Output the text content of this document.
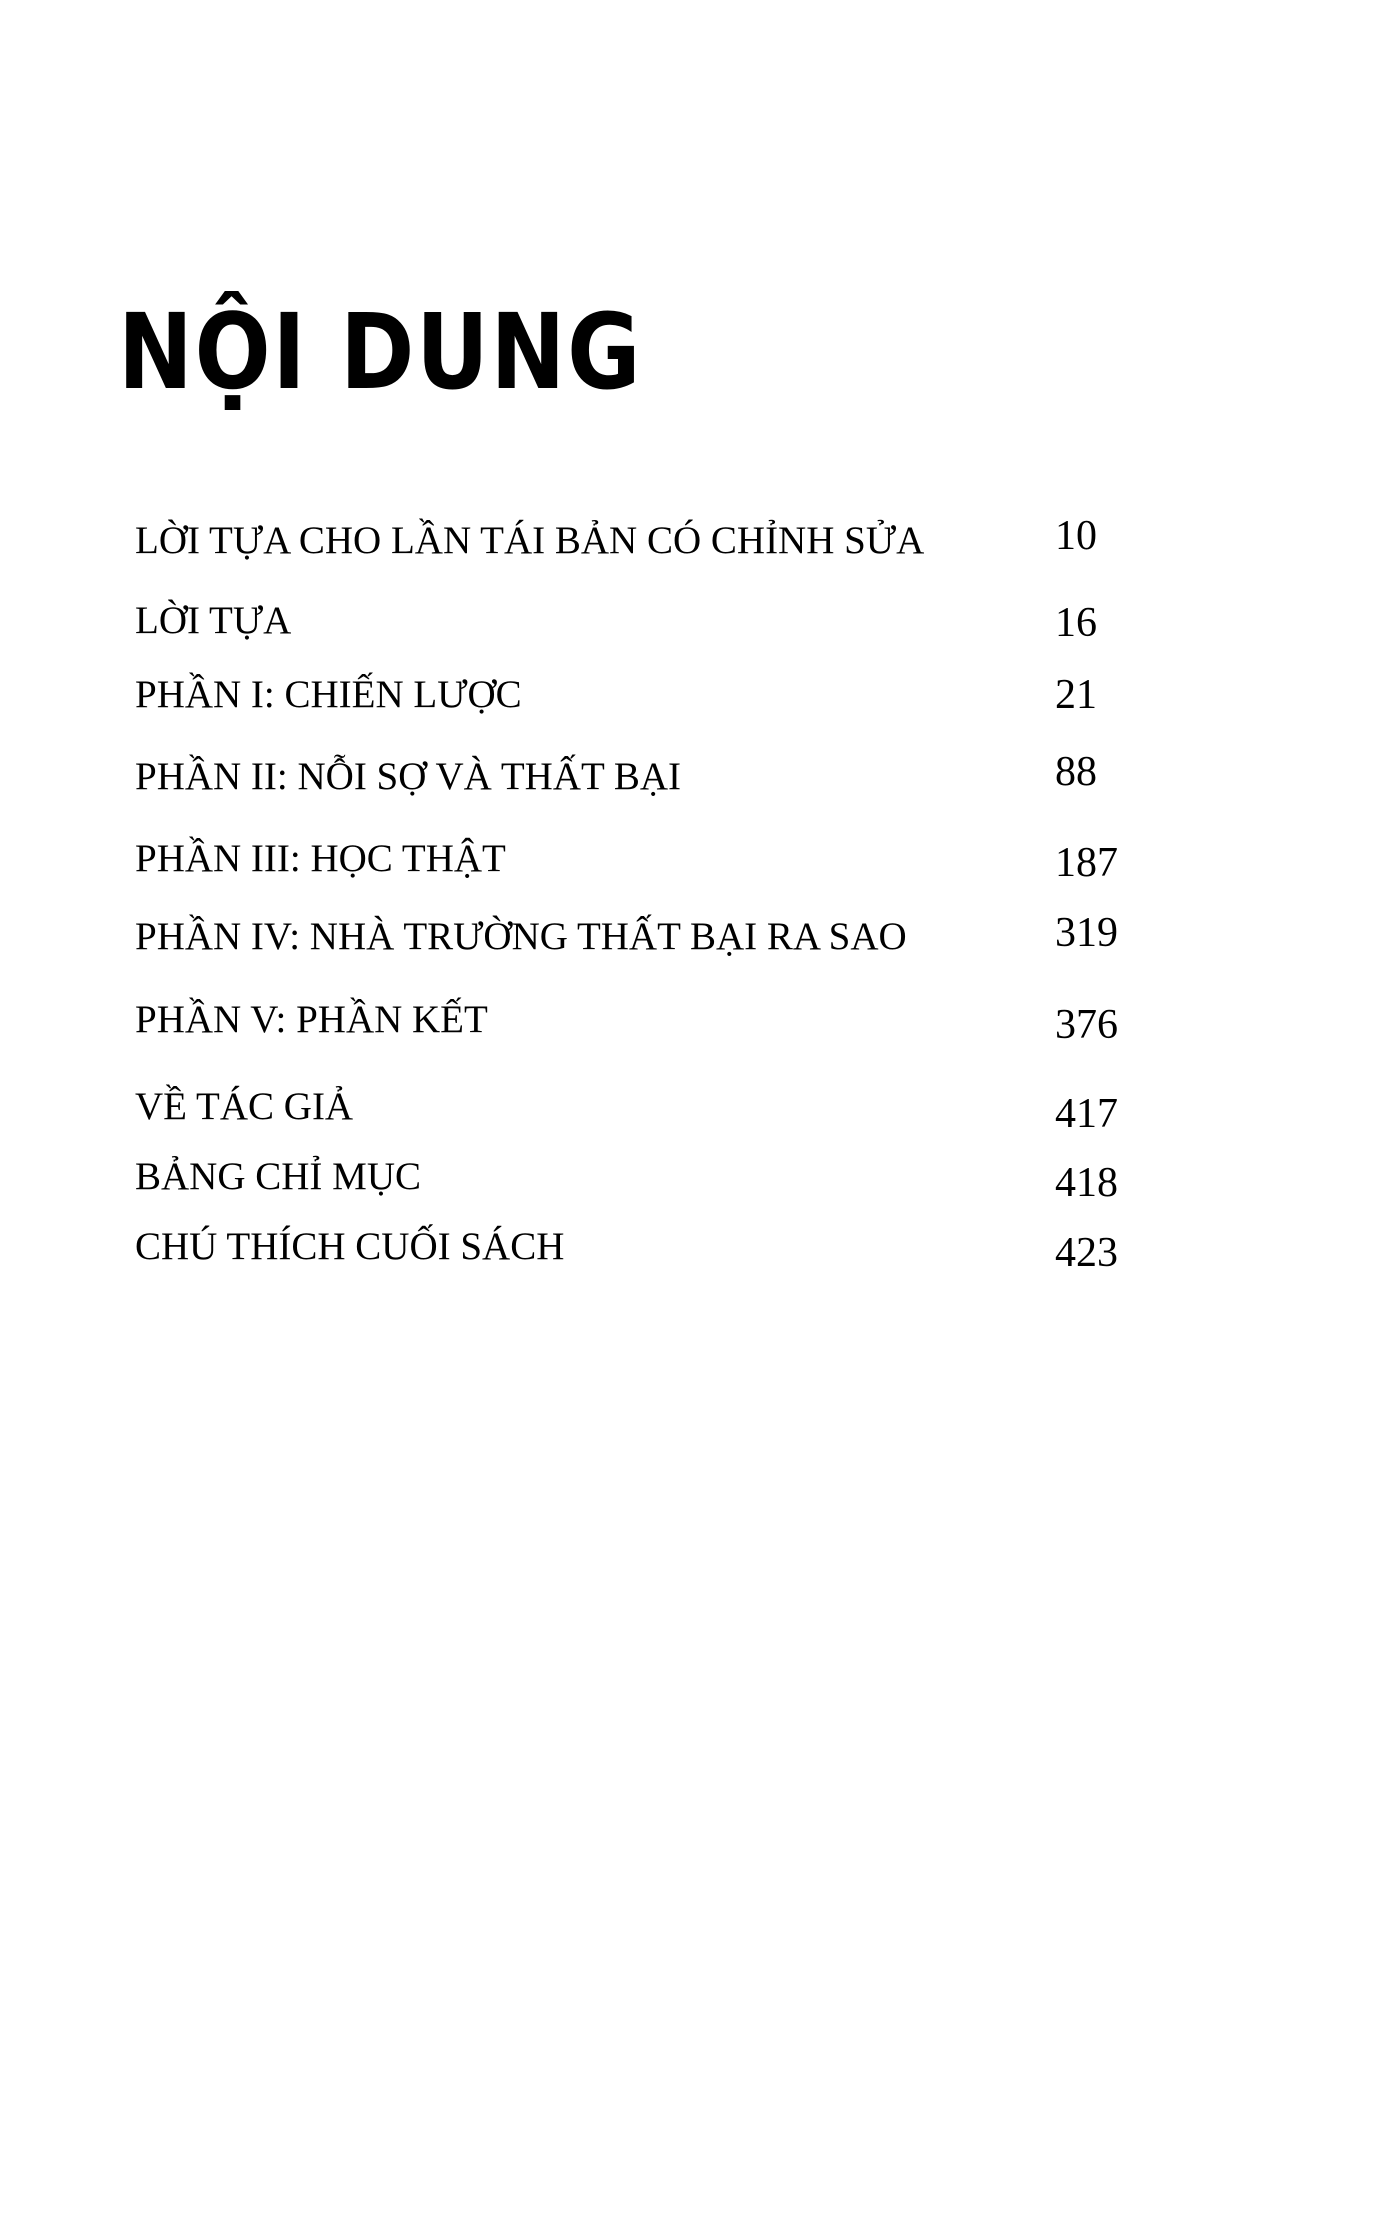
NỘI DUNG
LỜI TỰA CHO LẦN TÁI BẢN CÓ CHỈNH SỬA	10
LỜI TỰA	16
PHẦN I: CHIẾN LƯỢC	21
PHẦN II: NỖI SỢ VÀ THẤT BẠI	88
PHẦN III: HỌC THẬT	187
PHẦN IV: NHÀ TRƯỜNG THẤT BẠI RA SAO	319
PHẦN V: PHẦN KẾT	376
VỀ TÁC GIẢ	417
BẢNG CHỈ MỤC	418
CHÚ THÍCH CUỐI SÁCH	423
